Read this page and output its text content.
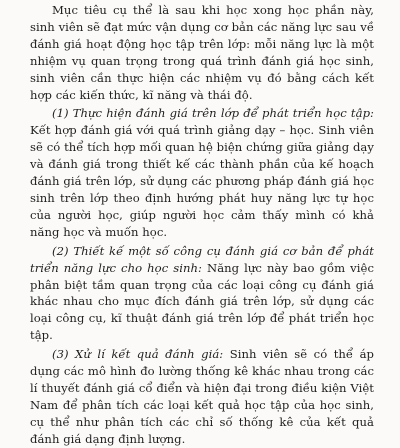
Mục tiêu cụ thể là sau khi học xong học phần này, sinh viên sẽ đạt mức vận dụng cơ bản các năng lực sau về đánh giá hoạt động học tập trên lớp: mỗi năng lực là một nhiệm vụ quan trọng trong quá trình đánh giá học sinh, sinh viên cần thực hiện các nhiệm vụ đó bằng cách kết hợp các kiến thức, kĩ năng và thái độ.

(1) Thực hiện đánh giá trên lớp để phát triển học tập: Kết hợp đánh giá với quá trình giảng dạy – học. Sinh viên sẽ có thể tích hợp mối quan hệ biện chứng giữa giảng dạy và đánh giá trong thiết kế các thành phần của kế hoạch đánh giá trên lớp, sử dụng các phương pháp đánh giá học sinh trên lớp theo định hướng phát huy năng lực tự học của người học, giúp người học cảm thấy mình có khả năng học và muốn học.

(2) Thiết kế một số công cụ đánh giá cơ bản để phát triển năng lực cho học sinh: Năng lực này bao gồm việc phân biệt tầm quan trọng của các loại công cụ đánh giá khác nhau cho mục đích đánh giá trên lớp, sử dụng các loại công cụ, kĩ thuật đánh giá trên lớp để phát triển học tập.

(3) Xử lí kết quả đánh giá: Sinh viên sẽ có thể áp dụng các mô hình đo lường thống kê khác nhau trong các lí thuyết đánh giá cổ điển và hiện đại trong điều kiện Việt Nam để phân tích các loại kết quả học tập của học sinh, cụ thể như phân tích các chỉ số thống kê của kết quả đánh giá dạng định lượng.
